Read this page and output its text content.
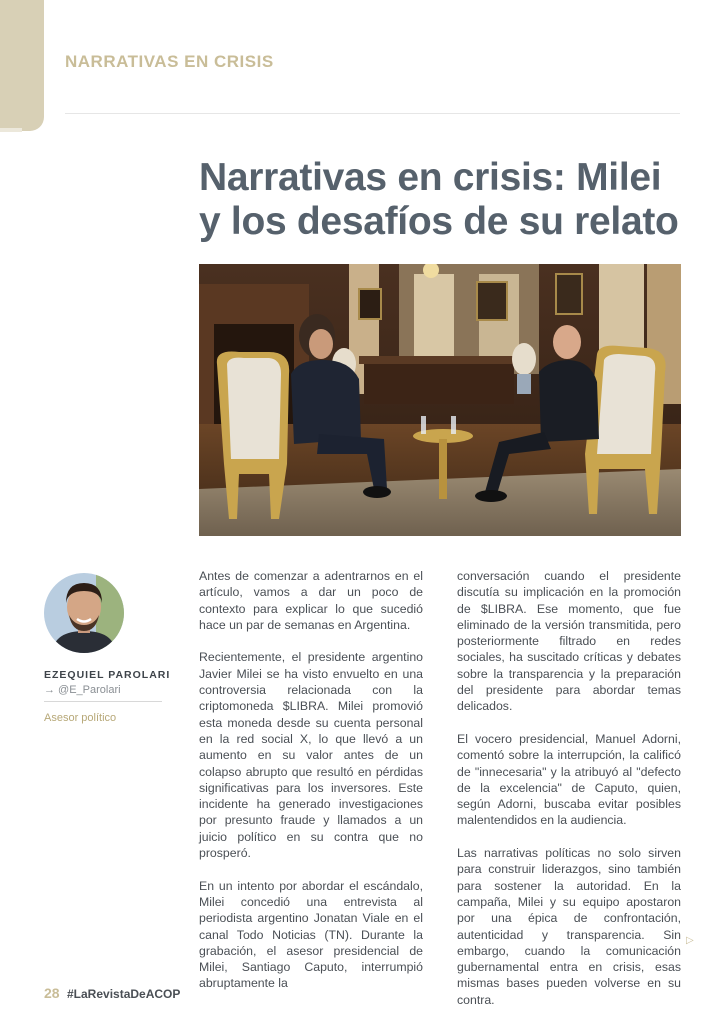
NARRATIVAS EN CRISIS
Narrativas en crisis: Milei y los desafíos de su relato
EZEQUIEL PAROLARI
→ @E_Parolari
Asesor político

Antes de comenzar a adentrarnos en el artículo, vamos a dar un poco de contexto para explicar lo que sucedió hace un par de semanas en Argentina.

Recientemente, el presidente argentino Javier Milei se ha visto envuelto en una controversia relacionada con la criptomoneda $LIBRA. Milei promovió esta moneda desde su cuenta personal en la red social X, lo que llevó a un aumento en su valor antes de un colapso abrupto que resultó en pérdidas significativas para los inversores. Este incidente ha generado investigaciones por presunto fraude y llamados a un juicio político en su contra que no prosperó.

En un intento por abordar el escándalo, Milei concedió una entrevista al periodista argentino Jonatan Viale en el canal Todo Noticias (TN). Durante la grabación, el asesor presidencial de Milei, Santiago Caputo, interrumpió abruptamente la

conversación cuando el presidente discutía su implicación en la promoción de $LIBRA. Ese momento, que fue eliminado de la versión transmitida, pero posteriormente filtrado en redes sociales, ha suscitado críticas y debates sobre la transparencia y la preparación del presidente para abordar temas delicados.

El vocero presidencial, Manuel Adorni, comentó sobre la interrupción, la calificó de "innecesaria" y la atribuyó al "defecto de la excelencia" de Caputo, quien, según Adorni, buscaba evitar posibles malentendidos en la audiencia.

Las narrativas políticas no solo sirven para construir liderazgos, sino también para sostener la autoridad. En la campaña, Milei y su equipo apostaron por una épica de confrontación, autenticidad y transparencia. Sin embargo, cuando la comunicación gubernamental entra en crisis, esas mismas bases pueden volverse en su contra.

▷
28 #LaRevistaDeACOP
